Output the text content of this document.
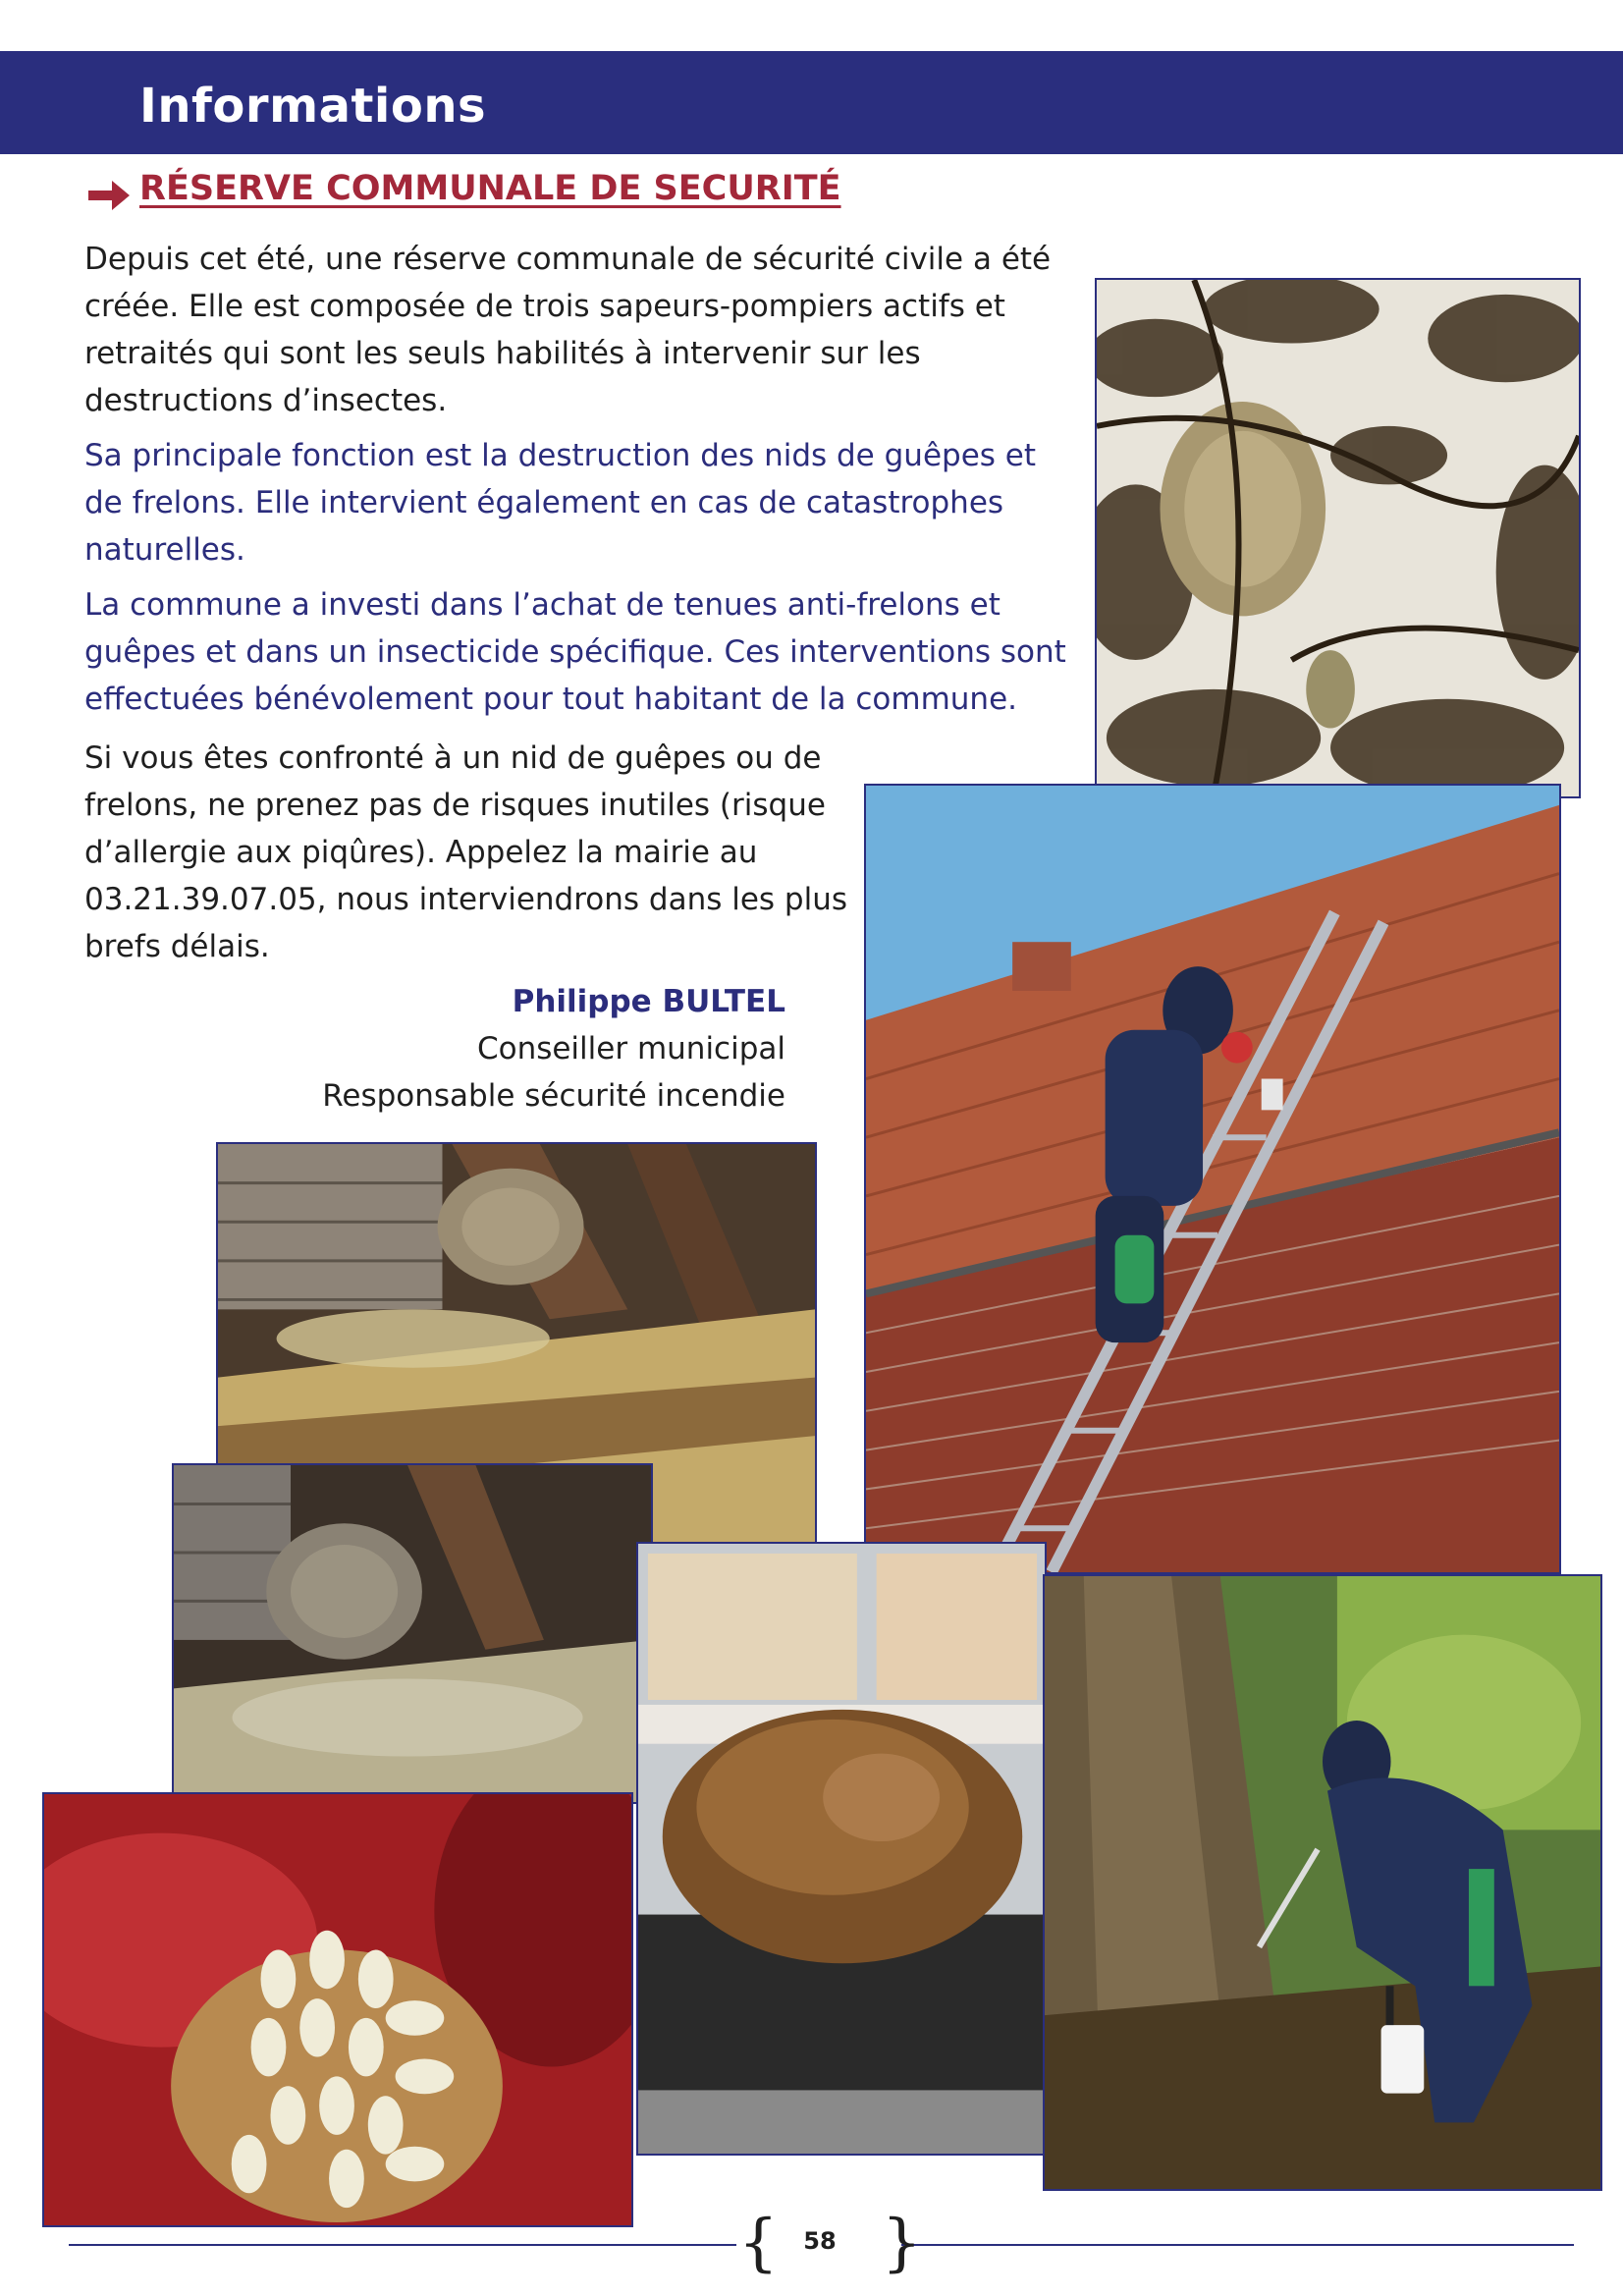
Informations
RÉSERVE COMMUNALE DE SECURITÉ

Depuis cet été, une réserve communale de sécurité civile a été créée. Elle est composée de trois sapeurs-pompiers actifs et retraités qui sont les seuls habilités à intervenir sur les destructions d’insectes.

Sa principale fonction est la destruction des nids de guêpes et de frelons. Elle intervient également en cas de catastrophes naturelles.

La commune a investi dans l’achat de tenues anti-frelons et guêpes et dans un insecticide spécifique. Ces interventions sont effectuées bénévolement pour tout habitant de la commune.

Si vous êtes confronté à un nid de guêpes ou de frelons, ne prenez pas de risques inutiles (risque d’allergie aux piqûres). Appelez la mairie au 03.21.39.07.05, nous interviendrons dans les plus brefs délais.

Philippe BULTEL

Conseiller municipal

Responsable sécurité incendie

{	58 }
